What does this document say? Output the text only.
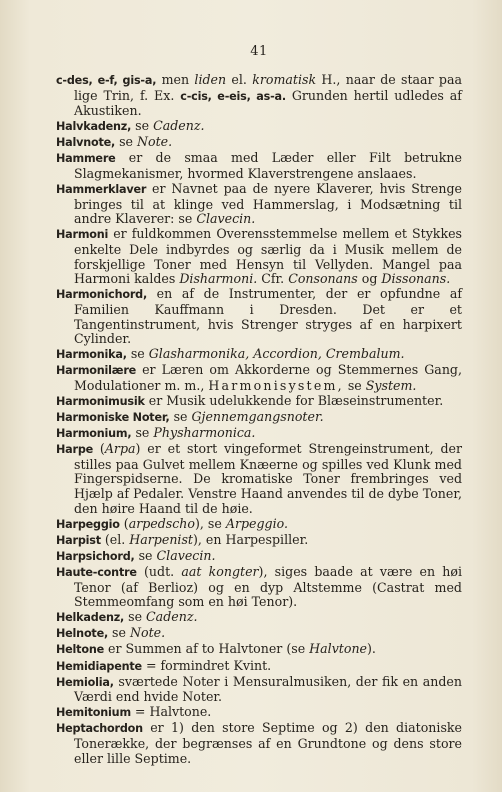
41

c-des, e-f, gis-a, men liden el. kromatisk H., naar de staar paa lige Trin, f. Ex. c-cis, e-eis, as-a. Grunden hertil udledes af Akustiken.

Halvkadenz, se Cadenz.

Halvnote, se Note.

Hammere er de smaa med Læder eller Filt betrukne Slagmekanismer, hvormed Klaverstrengene anslaaes.

Hammerklaver er Navnet paa de nyere Klaverer, hvis Strenge bringes til at klinge ved Hammerslag, i Modsætning til andre Klaverer: se Clavecin.

Harmoni er fuldkommen Overensstemmelse mellem et Stykkes enkelte Dele indbyrdes og særlig da i Musik mellem de forskjellige Toner med Hensyn til Vellyden. Mangel paa Harmoni kaldes Disharmoni. Cfr. Consonans og Dissonans.

Harmonichord, en af de Instrumenter, der er opfundne af Familien Kauffmann i Dresden. Det er et Tangentinstrument, hvis Strenger stryges af en harpixert Cylinder.

Harmonika, se Glasharmonika, Accordion, Crembalum.

Harmonilære er Læren om Akkorderne og Stemmernes Gang, Modulationer m. m., Harmonisystem, se System.

Harmonimusik er Musik udelukkende for Blæseinstrumenter.

Harmoniske Noter, se Gjennemgangsnoter.

Harmonium, se Physharmonica.

Harpe (Arpa) er et stort vingeformet Strengeinstrument, der stilles paa Gulvet mellem Knæerne og spilles ved Klunk med Fingerspidserne. De kromatiske Toner frembringes ved Hjælp af Pedaler. Venstre Haand anvendes til de dybe Toner, den høire Haand til de høie.

Harpeggio (arpedscho), se Arpeggio.

Harpist (el. Harpenist), en Harpespiller.

Harpsichord, se Clavecin.

Haute-contre (udt. aat kongter), siges baade at være en høi Tenor (af Berlioz) og en dyp Altstemme (Castrat med Stemmeomfang som en høi Tenor).

Helkadenz, se Cadenz.

Helnote, se Note.

Heltone er Summen af to Halvtoner (se Halvtone).

Hemidiapente = formindret Kvint.

Hemiolia, sværtede Noter i Mensuralmusiken, der fik en anden Værdi end hvide Noter.

Hemitonium = Halvtone.

Heptachordon er 1) den store Septime og 2) den diatoniske Tonerække, der begrænses af en Grundtone og dens store eller lille Septime.
